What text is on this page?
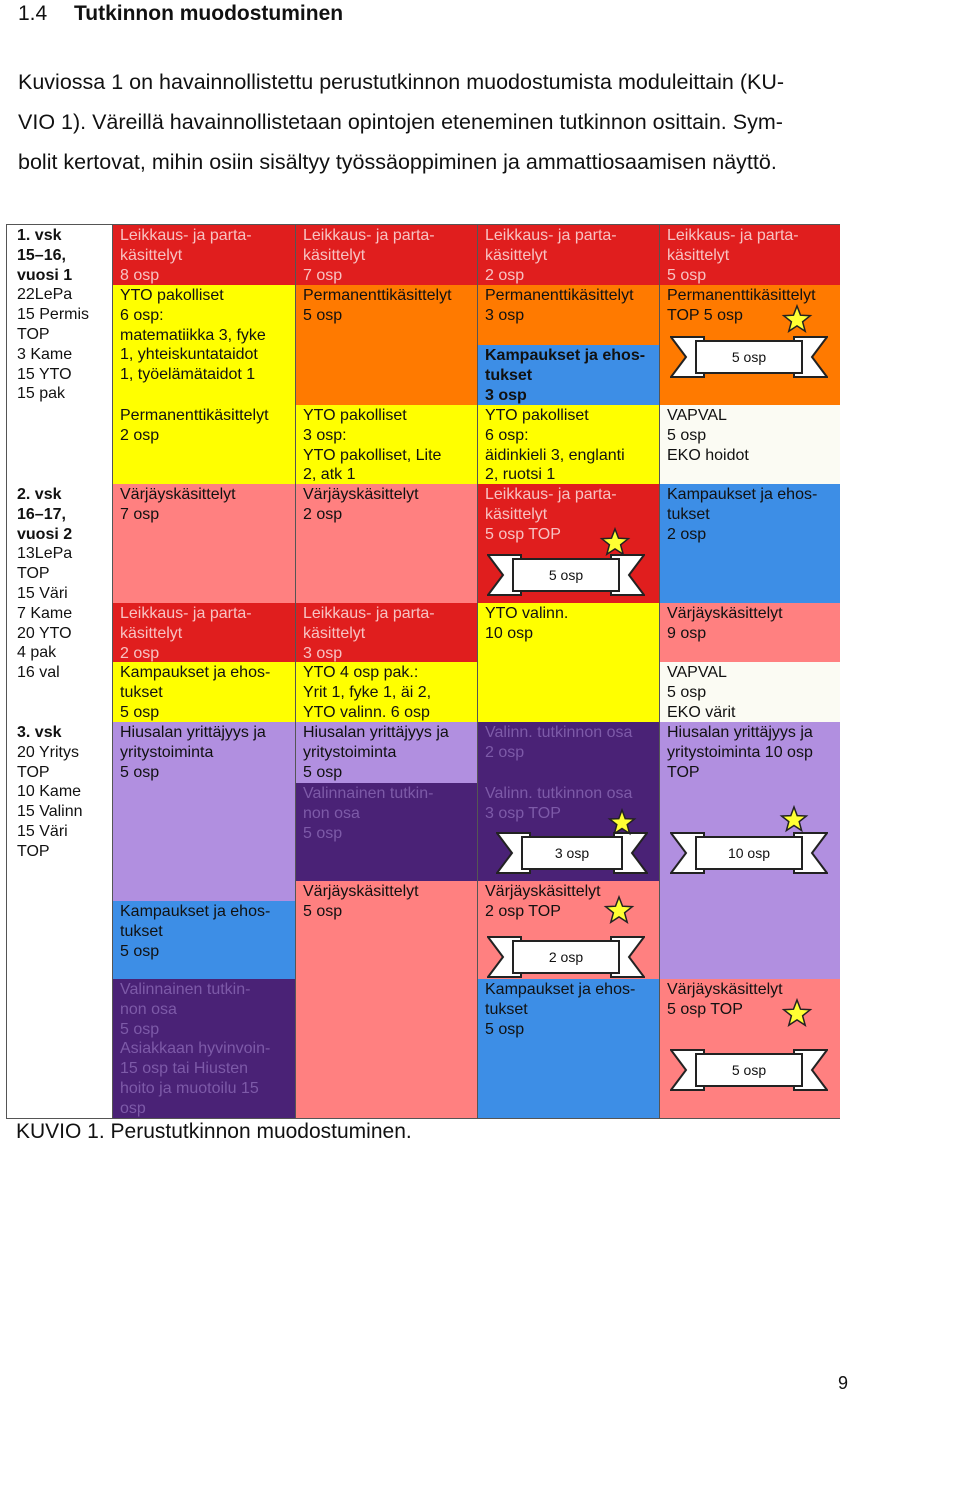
1.4 Tutkinnon muodostuminen
Kuviossa 1 on havainnollistettu perustutkinnon muodostumista moduleittain (KU-
VIO 1). Väreillä havainnollistetaan opintojen eteneminen tutkinnon osittain. Sym-
bolit kertovat, mihin osiin sisältyy työssäoppiminen ja ammattiosaamisen näyttö.
1. vsk
15–16,
vuosi 1
22LePa
15 Permis
TOP
3 Kame
15 YTO
15 pak
2. vsk
16–17,
vuosi 2
13LePa
TOP
15 Väri
7 Kame
20 YTO
4 pak
16 val
3. vsk
20 Yritys
TOP
10 Kame
15 Valinn
15 Väri
TOP
Leikkaus- ja parta-
käsittelyt
8 osp
YTO pakolliset
6 osp:
matematiikka 3, fyke
1, yhteiskuntataidot
1, työelämätaidot 1
Permanenttikäsittelyt
2 osp
Värjäyskäsittelyt
7 osp
Leikkaus- ja parta-
käsittelyt
2 osp
Kampaukset ja ehos-
tukset
5 osp
Hiusalan yrittäjyys ja
yritystoiminta
5 osp
Kampaukset ja ehos-
tukset
5 osp
Valinnainen tutkin-
non osa
5 osp
Asiakkaan hyvinvoin-
15 osp tai Hiusten
hoito ja muotoilu 15
osp
Leikkaus- ja parta-
käsittelyt
7 osp
Permanenttikäsittelyt
5 osp
YTO pakolliset
3 osp:
YTO pakolliset, Lite
2, atk 1
Värjäyskäsittelyt
2 osp
Leikkaus- ja parta-
käsittelyt
3 osp
YTO 4 osp pak.:
Yrit 1, fyke 1, äi 2,
YTO valinn. 6 osp
Hiusalan yrittäjyys ja
yritystoiminta
5 osp
Valinnainen tutkin-
non osa
5 osp
Värjäyskäsittelyt
5 osp
Leikkaus- ja parta-
käsittelyt
2 osp
Permanenttikäsittelyt
3 osp
Kampaukset ja ehos-
tukset
3 osp
YTO pakolliset
6 osp:
äidinkieli 3, englanti
2, ruotsi 1
Leikkaus- ja parta-
käsittelyt
5 osp TOP
YTO valinn.
10 osp
Valinn. tutkinnon osa
2 osp
Valinn. tutkinnon osa
3 osp TOP
Värjäyskäsittelyt
2 osp TOP
Kampaukset ja ehos-
tukset
5 osp
Leikkaus- ja parta-
käsittelyt
5 osp
Permanenttikäsittelyt
TOP 5 osp
VAPVAL
5 osp
EKO hoidot
Kampaukset ja ehos-
tukset
2 osp
Värjäyskäsittelyt
9 osp
VAPVAL
5 osp
EKO värit
Hiusalan yrittäjyys ja
yritystoiminta 10 osp
TOP
Värjäyskäsittelyt
5 osp TOP
5 osp
5 osp
3 osp	10 osp
2 osp
5 osp
KUVIO 1. Perustutkinnon muodostuminen.
9
